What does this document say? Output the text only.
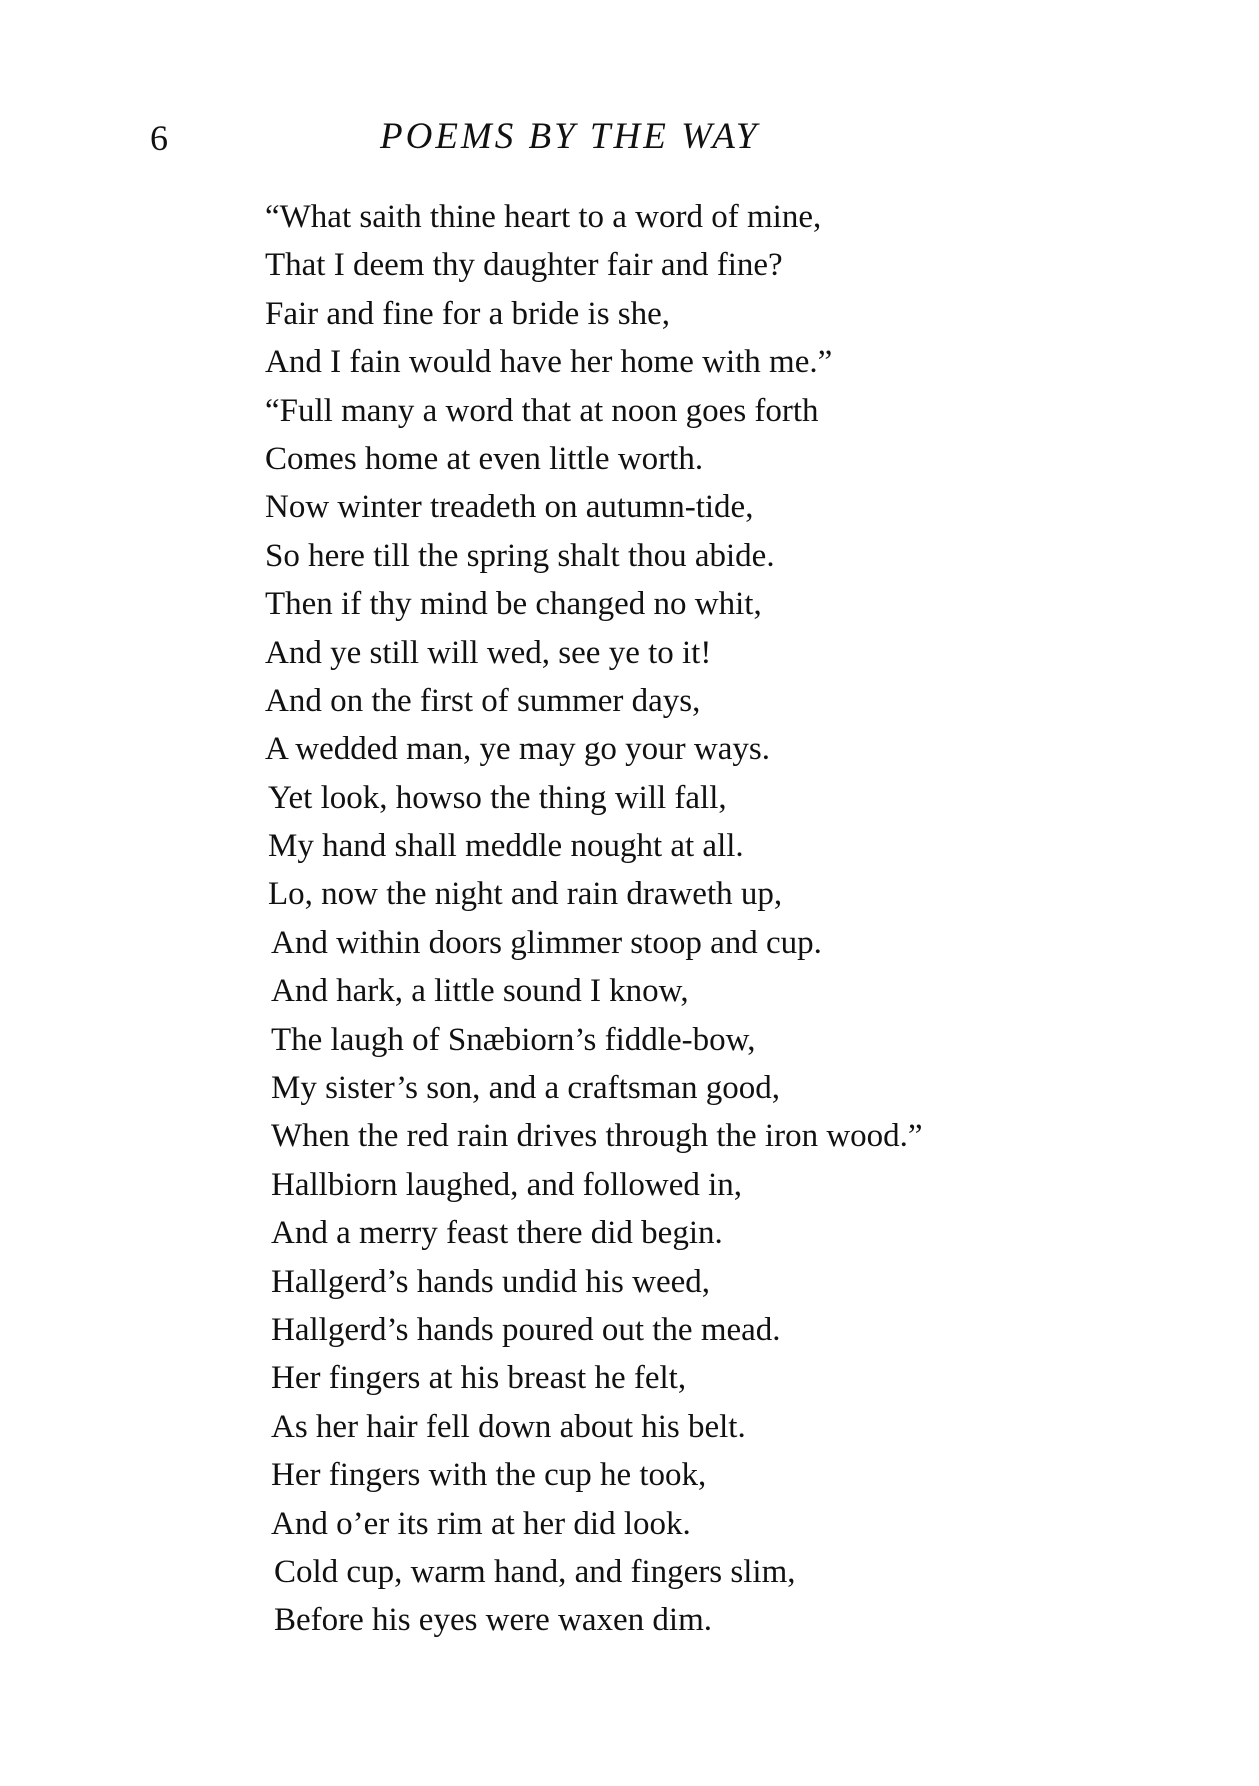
6	POEMS BY THE WAY
“What saith thine heart to a word of mine,
That I deem thy daughter fair and fine?
Fair and fine for a bride is she,
And I fain would have her home with me.”
“Full many a word that at noon goes forth
Comes home at even little worth.
Now winter treadeth on autumn-tide,
So here till the spring shalt thou abide.
Then if thy mind be changed no whit,
And ye still will wed, see ye to it!
And on the first of summer days,
A wedded man, ye may go your ways.
Yet look, howso the thing will fall,
My hand shall meddle nought at all.
Lo, now the night and rain draweth up,
And within doors glimmer stoop and cup.
And hark, a little sound I know,
The laugh of Snæbiorn’s fiddle-bow,
My sister’s son, and a craftsman good,
When the red rain drives through the iron wood.”
Hallbiorn laughed, and followed in,
And a merry feast there did begin.
Hallgerd’s hands undid his weed,
Hallgerd’s hands poured out the mead.
Her fingers at his breast he felt,
As her hair fell down about his belt.
Her fingers with the cup he took,
And o’er its rim at her did look.
Cold cup, warm hand, and fingers slim,
Before his eyes were waxen dim.
